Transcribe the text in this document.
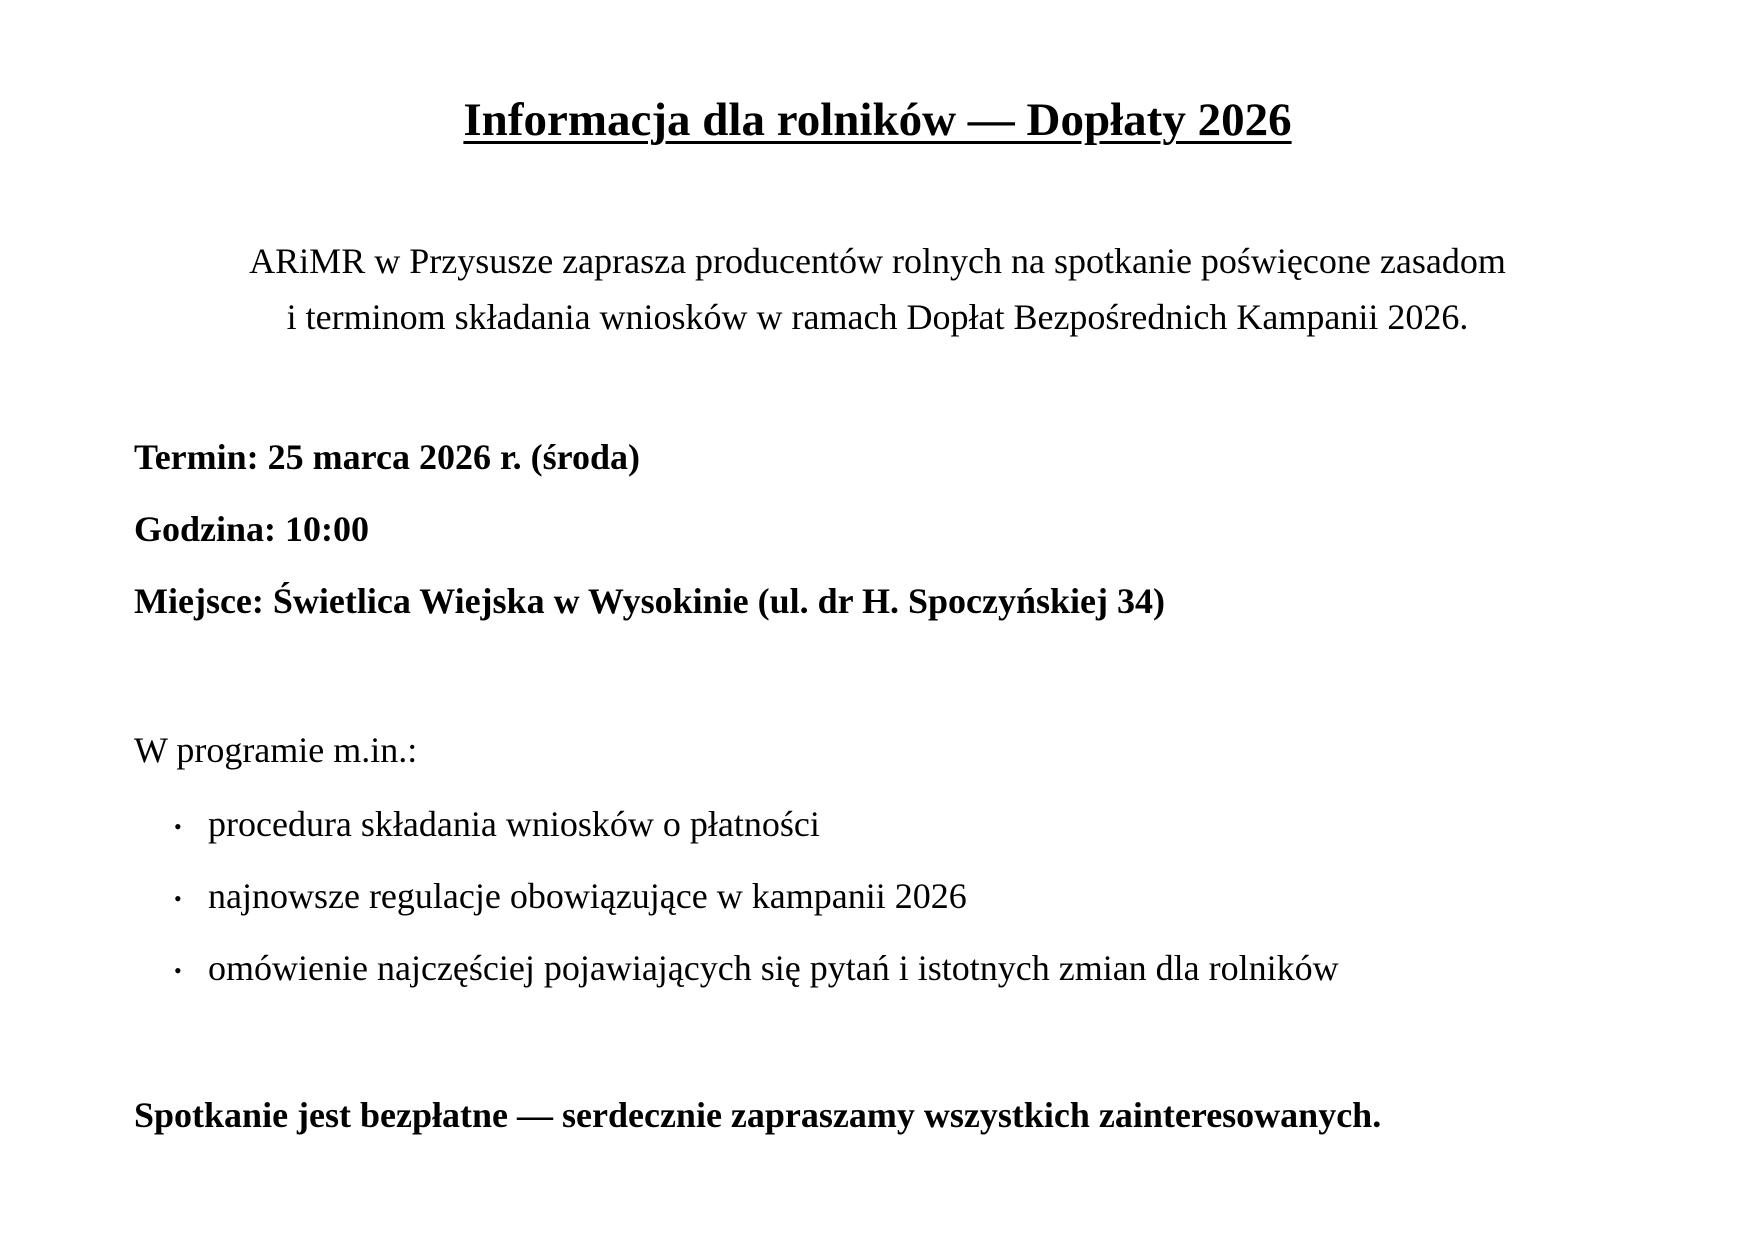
Informacja dla rolników — Dopłaty 2026

ARiMR w Przysusze zaprasza producentów rolnych na spotkanie poświęcone zasadom
i terminom składania wniosków w ramach Dopłat Bezpośrednich Kampanii 2026.

Termin: 25 marca 2026 r. (środa)
Godzina: 10:00
Miejsce: Świetlica Wiejska w Wysokinie (ul. dr H. Spoczyńskiej 34)

W programie m.in.:

• procedura składania wniosków o płatności
• najnowsze regulacje obowiązujące w kampanii 2026
• omówienie najczęściej pojawiających się pytań i istotnych zmian dla rolników

Spotkanie jest bezpłatne — serdecznie zapraszamy wszystkich zainteresowanych.
